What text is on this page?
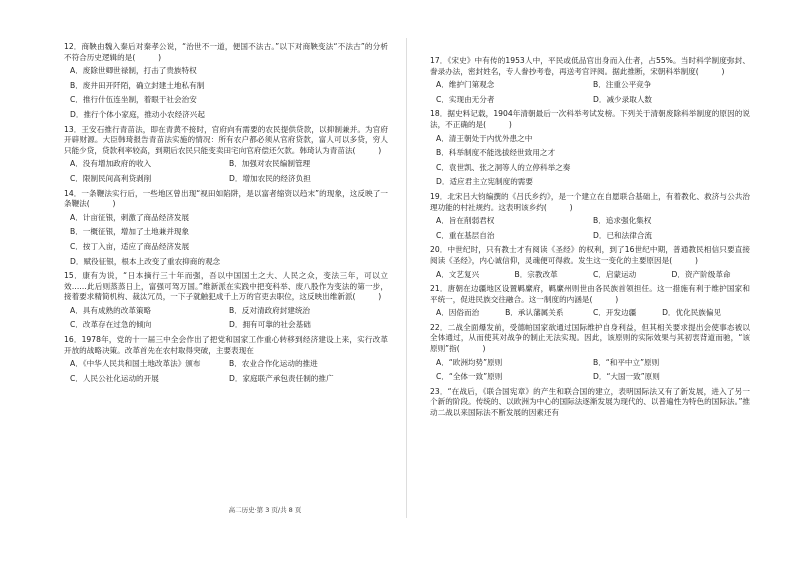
12．商鞅由魏入秦后对秦孝公说，“治世不一道，便国不法古。”以下对商鞅变法“不法古”的分析不符合历史逻辑的是(　　　)

A．废除世卿世禄制，打击了贵族特权
B．废井田开阡陌，确立封建土地私有制
C．推行什伍连坐制，着眼于社会治安
D．推行个体小家庭，推动小农经济兴起

13．王安石推行青苗法，即在青黄不接时，官府向有需要的农民提供贷款，以抑制兼并。为官府开辟财源。大臣韩琦报告青苗法实施的情况：所有农户都必须从官府贷款，富人可以多贷，穷人只能少贷，贷款利率较高，到期后农民只能变卖田宅向官府偿还欠款。韩琦认为青苗法(　　　)

A．没有增加政府的收入	B．加强对农民编制管理
C．限制民间高利贷剥削	D．增加农民的经济负担

14．一条鞭法实行后，一些地区曾出现“视田如陷阱，是以富者缩资以趋末”的现象，这反映了一条鞭法(　　　)

A．计亩征银，刺激了商品经济发展
B．一概征银，增加了土地兼并现象
C．按丁入亩，适应了商品经济发展
D．赋役征银，根本上改变了重农抑商的观念

15．康有为说，“日本摘行三十年而强，吾以中国国土之大、人民之众，变法三年，可以立效……此后则蒸蒸日上，富强可驾万国。”维新派在实践中把变科举、废八股作为变法的第一步，接着要求精简机构、裁汰冗员，一下子就触犯成千上万的官吏去职位，这反映出维新派(　　　)

A．具有成熟的改革策略	B．反对清政府封建统治
C．改革存在过急的倾向	D．拥有可靠的社会基础

16．1978年，党的十一届三中全会作出了把党和国家工作重心转移到经济建设上来，实行改革开放的战略决策。改革首先在农村取得突破，主要表现在

A．《中华人民共和国土地改革法》颁布	B．农业合作化运动的推进
C．人民公社化运动的开展	D．家庭联产承包责任制的推广
高二历史·第 3 页/共 8 页

17．《宋史》中有传的1953人中，平民或低品官出身而入仕者，占55%。当时科学制度弥封、誊录办法，密封姓名，专人誊抄考卷，再送考官评阅。据此推断，宋朝科举制度(　　　)

A．维护门第观念	B．注重公平竞争
C．实现由无分者	D．减少录取人数

18．据史料记载，1904年清朝最后一次科举考试发榜。下列关于清朝废除科举制度的原因的说法，不正确的是(　　　)

A．清王朝处于内忧外患之中
B．科举制度不能选拔经世致用之才
C．袁世凯、张之洞等人的立停科举之奏
D．适应君主立宪制度的需要

19．北宋吕大钧编撰的《吕氏乡约》，是一个建立在自愿联合基础上，有着教化、救济与公共治理功能的村社规约。这表明该乡约(　　　)

A．旨在削弱君权	B．追求强化集权
C．重在基层自治	D．已和法律合流

20．中世纪时，只有教士才有阅读《圣经》的权利，到了16世纪中期，普通教民相信只要直接阅读《圣经》，内心诚信仰，灵魂便可得救。发生这一变化的主要原因是(　　　)

A．文艺复兴	B．宗教改革	C．启蒙运动	D．资产阶级革命

21．唐朝在边疆地区设置羁縻府，羁縻州则世由各民族首领担任。这一措施有利于维护国家和平统一，促进民族交往融合。这一制度的内涵是(　　　)

A．因俗而治	B．承认藩属关系	C．开发边疆	D．优化民族偏见

22．二战全面爆发前，受德帕国家欲通过国际维护自身利益，但其相关要求提出会使事态被以全体通过，从而使其对战争的制止无法实现。因此，该原则的实际效果与其初衷背道而驰，“该原则”指(　　　)

A．“欧洲均势”原则	B．“和平中立”原则
C．“全体一致”原则	D．“大国一致”原则

23．“在战后，《联合国宪章》的产生和联合国的建立，表明国际法又有了新发展，进入了另一个新的阶段。传统的、以欧洲为中心的国际法逐渐发展为现代的、以普遍性为特色的国际法。”推动二战以来国际法不断发展的因素还有
